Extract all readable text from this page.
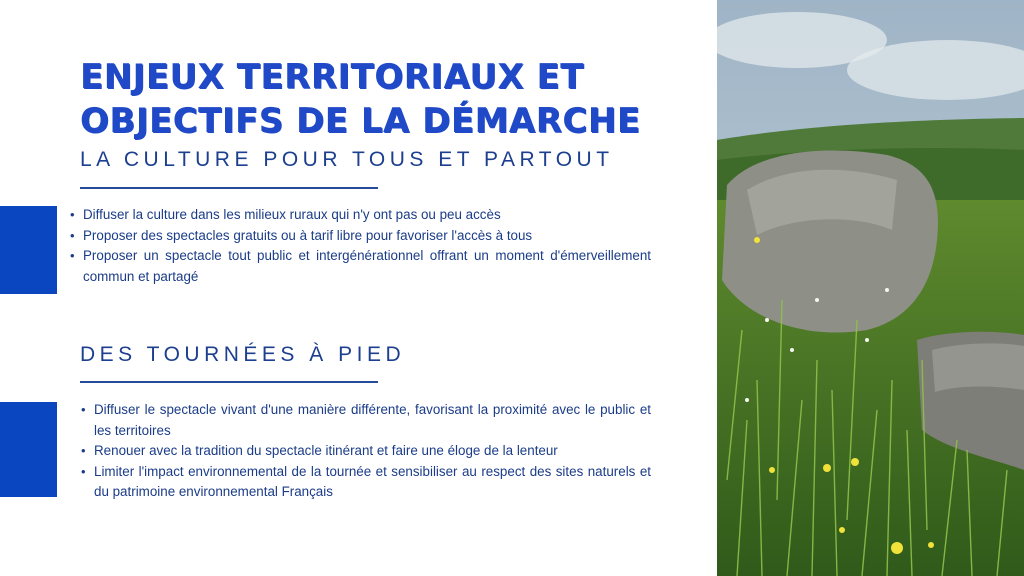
ENJEUX TERRITORIAUX ET OBJECTIFS DE LA DÉMARCHE
LA CULTURE POUR TOUS ET PARTOUT
• Diffuser la culture dans les milieux ruraux qui n'y ont pas ou peu accès
• Proposer des spectacles gratuits ou à tarif libre pour favoriser l'accès à tous
• Proposer un spectacle tout public et intergénérationnel offrant un moment d'émerveillement commun et partagé
DES TOURNÉES À PIED
• Diffuser le spectacle vivant d'une manière différente, favorisant la proximité avec le public et les territoires
• Renouer avec la tradition du spectacle itinérant et faire une éloge de la lenteur
• Limiter l'impact environnemental de la tournée et sensibiliser au respect des sites naturels et du patrimoine environnemental Français
